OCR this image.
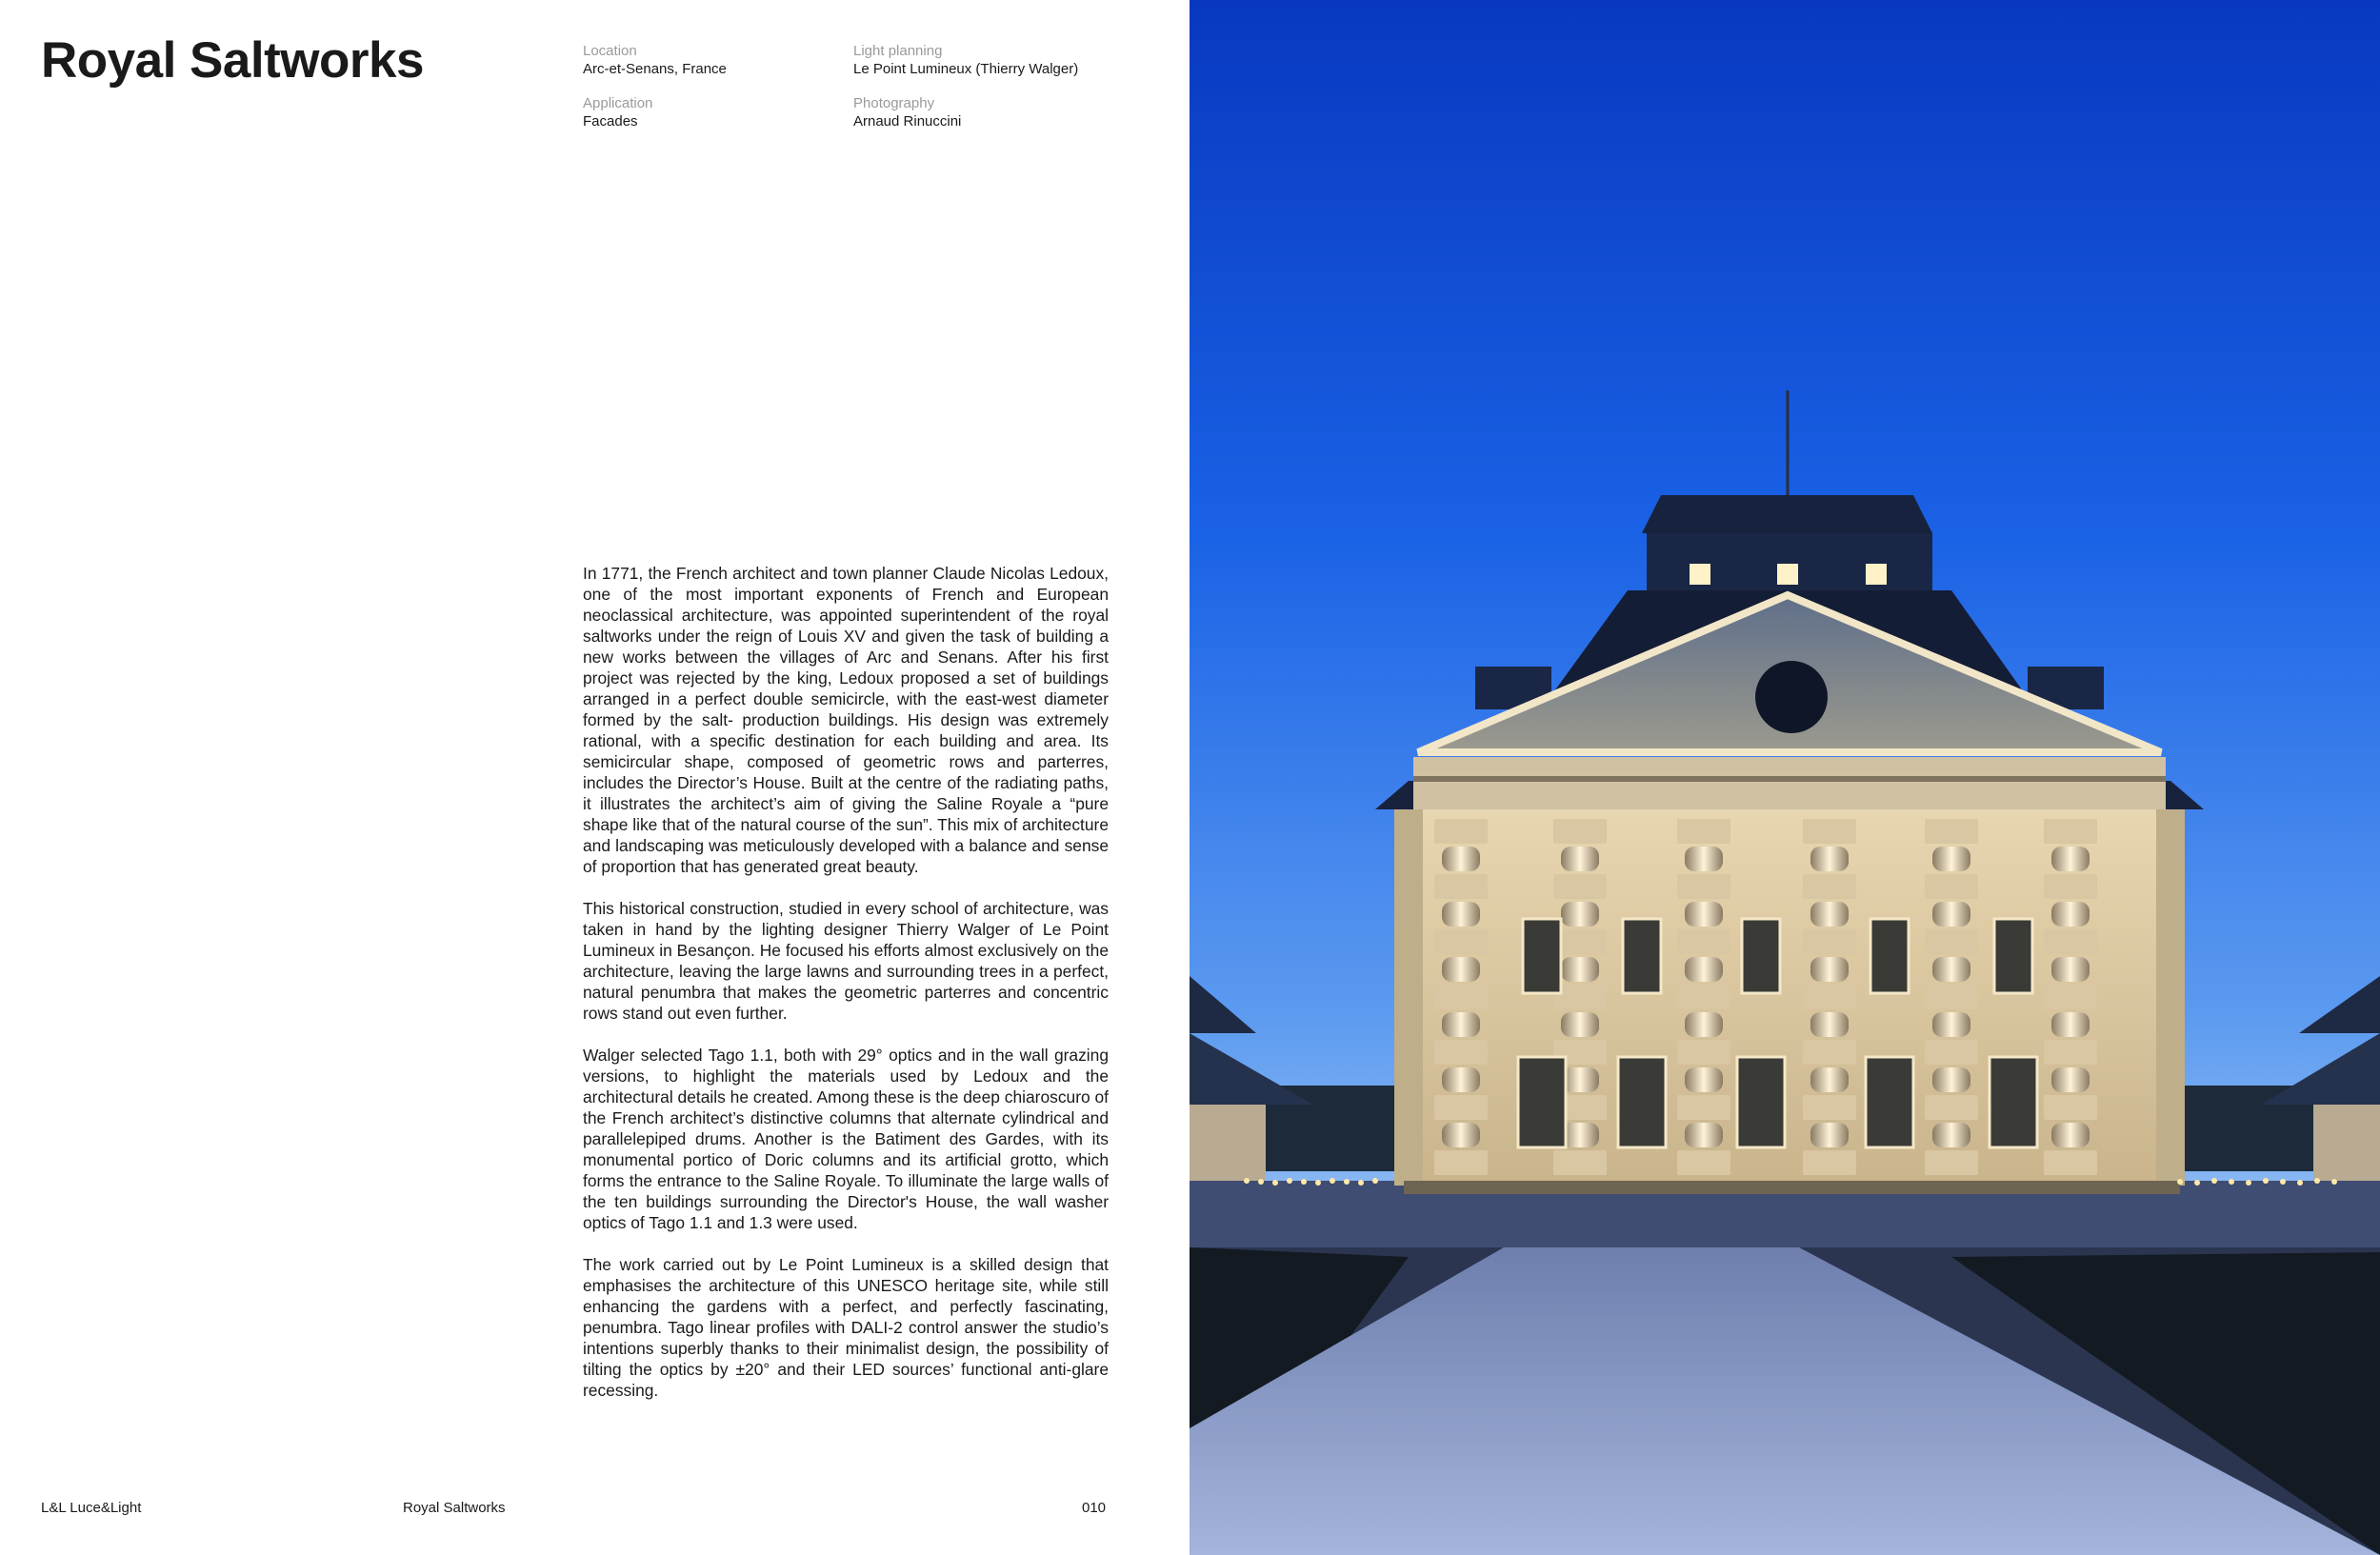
Royal Saltworks	Location
Arc-et-Senans, France
Light planning
Le Point Lumineux (Thierry Walger)
Application
Facades
Photography
Arnaud Rinuccini

In 1771, the French architect and town planner Claude Nicolas Ledoux, one of the most important exponents of French and European neoclassical architecture, was appointed superintendent of the royal saltworks under the reign of Louis XV and given the task of building a new works between the villages of Arc and Senans. After his first project was rejected by the king, Ledoux proposed a set of buildings arranged in a perfect double semicircle, with the east-west diameter formed by the salt- production buildings. His design was extremely rational, with a specific destination for each building and area. Its semicircular shape, composed of geometric rows and parterres, includes the Director’s House. Built at the centre of the radiating paths, it illustrates the architect’s aim of giving the Saline Royale a “pure shape like that of the natural course of the sun”. This mix of architecture and landscaping was meticulously developed with a balance and sense of proportion that has generated great beauty.

This historical construction, studied in every school of architecture, was taken in hand by the lighting designer Thierry Walger of Le Point Lumineux in Besançon. He focused his efforts almost exclusively on the architecture, leaving the large lawns and surrounding trees in a perfect, natural penumbra that makes the geometric parterres and concentric rows stand out even further.

Walger selected Tago 1.1, both with 29° optics and in the wall grazing versions, to highlight the materials used by Ledoux and the architectural details he created. Among these is the deep chiaroscuro of the French architect’s distinctive columns that alternate cylindrical and parallelepiped drums. Another is the Batiment des Gardes, with its monumental portico of Doric columns and its artificial grotto, which forms the entrance to the Saline Royale. To illuminate the large walls of the ten buildings surrounding the Director's House, the wall washer optics of Tago 1.1 and 1.3 were used.

The work carried out by Le Point Lumineux is a skilled design that emphasises the architecture of this UNESCO heritage site, while still enhancing the gardens with a perfect, and perfectly fascinating, penumbra. Tago linear profiles with DALI-2 control answer the studio’s intentions superbly thanks to their minimalist design, the possibility of tilting the optics by ±20° and their LED sources’ functional anti-glare recessing.

L&L Luce&Light	Royal Saltworks	010
